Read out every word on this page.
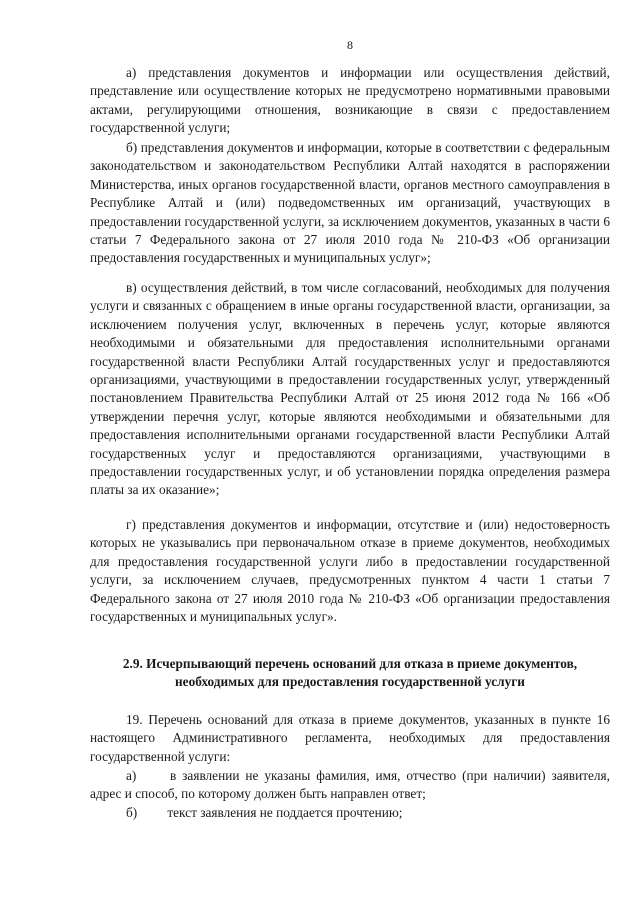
8

а) представления документов и информации или осуществления действий, представление или осуществление которых не предусмотрено нормативными правовыми актами, регулирующими отношения, возникающие в связи с предоставлением государственной услуги;

б) представления документов и информации, которые в соответствии с федеральным законодательством и законодательством Республики Алтай находятся в распоряжении Министерства, иных органов государственной власти, органов местного самоуправления в Республике Алтай и (или) подведомственных им организаций, участвующих в предоставлении государственной услуги, за исключением документов, указанных в части 6 статьи 7 Федерального закона от 27 июля 2010 года № 210-ФЗ «Об организации предоставления государственных и муниципальных услуг»;

в) осуществления действий, в том числе согласований, необходимых для получения услуги и связанных с обращением в иные органы государственной власти, организации, за исключением получения услуг, включенных в перечень услуг, которые являются необходимыми и обязательными для предоставления исполнительными органами государственной власти Республики Алтай государственных услуг и предоставляются организациями, участвующими в предоставлении государственных услуг, утвержденный постановлением Правительства Республики Алтай от 25 июня 2012 года № 166 «Об утверждении перечня услуг, которые являются необходимыми и обязательными для предоставления исполнительными органами государственной власти Республики Алтай государственных услуг и предоставляются организациями, участвующими в предоставлении государственных услуг, и об установлении порядка определения размера платы за их оказание»;

г) представления документов и информации, отсутствие и (или) недостоверность которых не указывались при первоначальном отказе в приеме документов, необходимых для предоставления государственной услуги либо в предоставлении государственной услуги, за исключением случаев, предусмотренных пунктом 4 части 1 статьи 7 Федерального закона от 27 июля 2010 года № 210-ФЗ «Об организации предоставления государственных и муниципальных услуг».

2.9. Исчерпывающий перечень оснований для отказа в приеме документов,
необходимых для предоставления государственной услуги

19. Перечень оснований для отказа в приеме документов, указанных в пункте 16 настоящего Административного регламента, необходимых для предоставления государственной услуги:

а)	в заявлении не указаны фамилия, имя, отчество (при наличии) заявителя, адрес и способ, по которому должен быть направлен ответ;

б) текст заявления не поддается прочтению;
